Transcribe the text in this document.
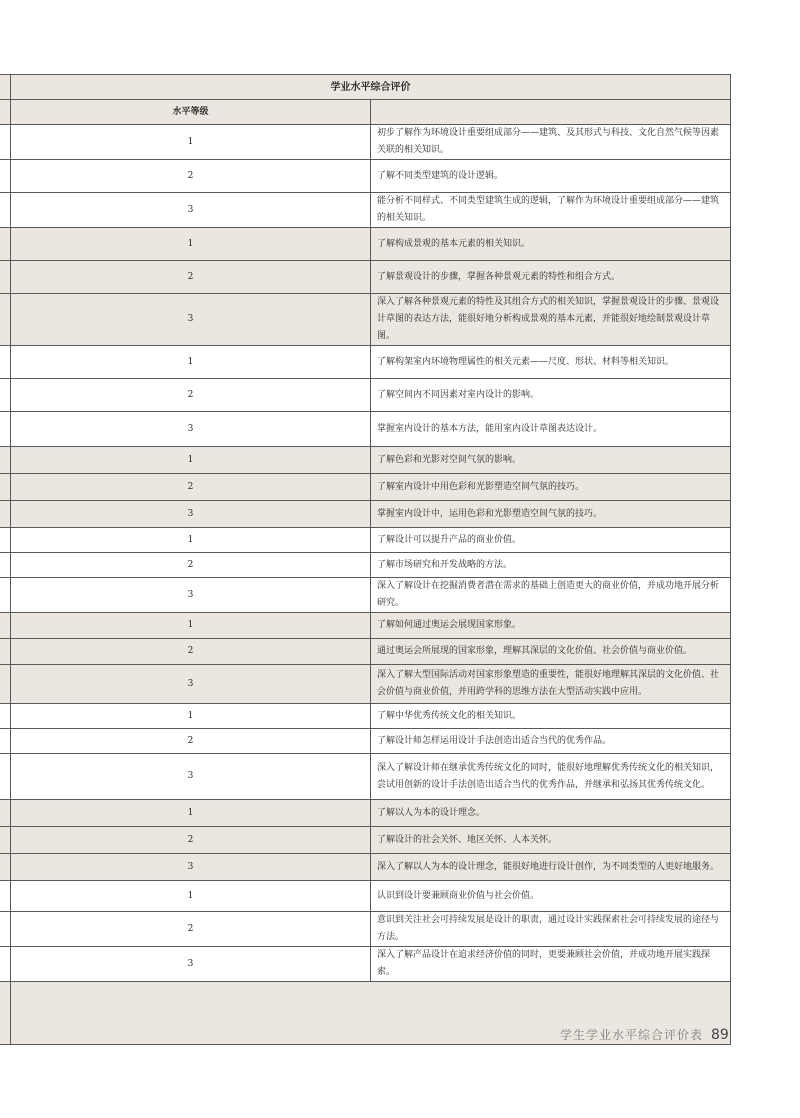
	学业水平综合评价	
	水平等级	
	1	初步了解作为环境设计重要组成部分——建筑、及其形式与科技、文化自然气候等因素关联的相关知识。
	2	了解不同类型建筑的设计逻辑。
	3	能分析不同样式、不同类型建筑生成的逻辑，了解作为环境设计重要组成部分——建筑的相关知识。
	1	了解构成景观的基本元素的相关知识。
	2	了解景观设计的步骤，掌握各种景观元素的特性和组合方式。
	3	深入了解各种景观元素的特性及其组合方式的相关知识，掌握景观设计的步骤、景观设计草图的表达方法，能很好地分析构成景观的基本元素，并能很好地绘制景观设计草图。
	1	了解构架室内环境物理属性的相关元素——尺度、形状、材料等相关知识。
	2	了解空间内不同因素对室内设计的影响。
	3	掌握室内设计的基本方法，能用室内设计草图表达设计。
	1	了解色彩和光影对空间气氛的影响。
	2	了解室内设计中用色彩和光影塑造空间气氛的技巧。
	3	掌握室内设计中，运用色彩和光影塑造空间气氛的技巧。
	1	了解设计可以提升产品的商业价值。
	2	了解市场研究和开发战略的方法。
	3	深入了解设计在挖掘消费者潜在需求的基础上创造更大的商业价值，并成功地开展分析研究。
	1	了解如何通过奥运会展现国家形象。
	2	通过奥运会所展现的国家形象，理解其深层的文化价值、社会价值与商业价值。
	3	深入了解大型国际活动对国家形象塑造的重要性，能很好地理解其深层的文化价值、社会价值与商业价值，并用跨学科的思维方法在大型活动实践中应用。
	1	了解中华优秀传统文化的相关知识。
	2	了解设计师怎样运用设计手法创造出适合当代的优秀作品。
	3	深入了解设计师在继承优秀传统文化的同时，能很好地理解优秀传统文化的相关知识，尝试用创新的设计手法创造出适合当代的优秀作品，并继承和弘扬其优秀传统文化。
	1	了解以人为本的设计理念。
	2	了解设计的社会关怀、地区关怀、人本关怀。
	3	深入了解以人为本的设计理念，能很好地进行设计创作，为不同类型的人更好地服务。
	1	认识到设计要兼顾商业价值与社会价值。
	2	意识到关注社会可持续发展是设计的职责，通过设计实践探索社会可持续发展的途径与方法。
	3	深入了解产品设计在追求经济价值的同时，更要兼顾社会价值，并成功地开展实践探索。

学生学业水平综合评价表 89
